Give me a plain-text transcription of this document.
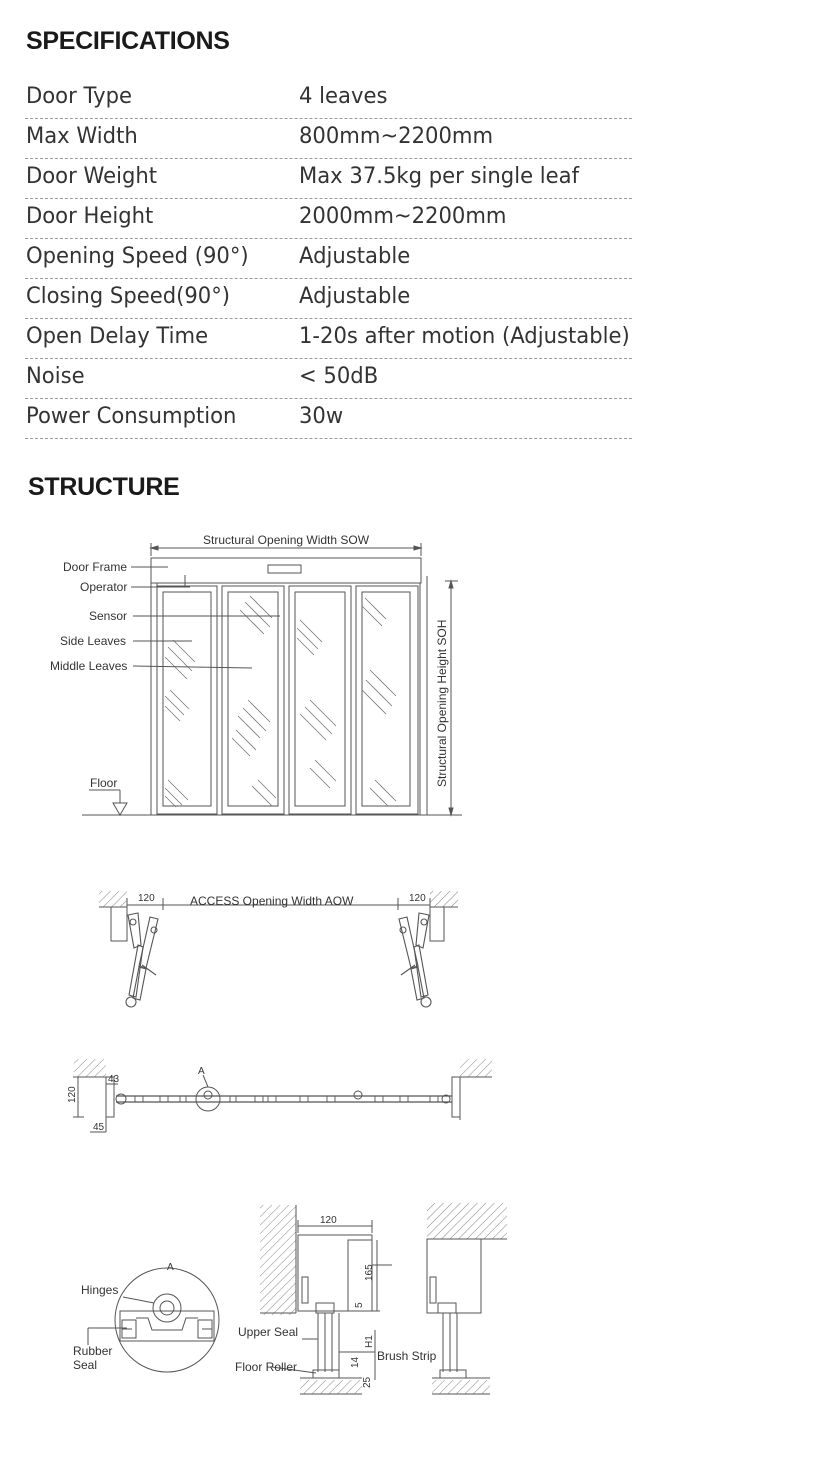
SPECIFICATIONS
Door Type	4 leaves
Max Width	800mm~2200mm
Door Weight	Max 37.5kg per single leaf
Door Height	2000mm~2200mm
Opening Speed (90°) Adjustable
Closing Speed(90°)	Adjustable
Open Delay Time	1-20s after motion (Adjustable)
Noise	< 50dB
Power Consumption	30w
STRUCTURE
Structural Opening Width SOW
Door Frame
Operator
Sensor
Side Leaves
Middle Leaves
Floor	Structural Opening Height SOH
120	120
ACCESS Opening Width AOW
A
43
120
45
A
Hinges
Rubber
Seal
120
165
5
H1
14
25
Upper Seal
Floor Roller
Brush Strip
